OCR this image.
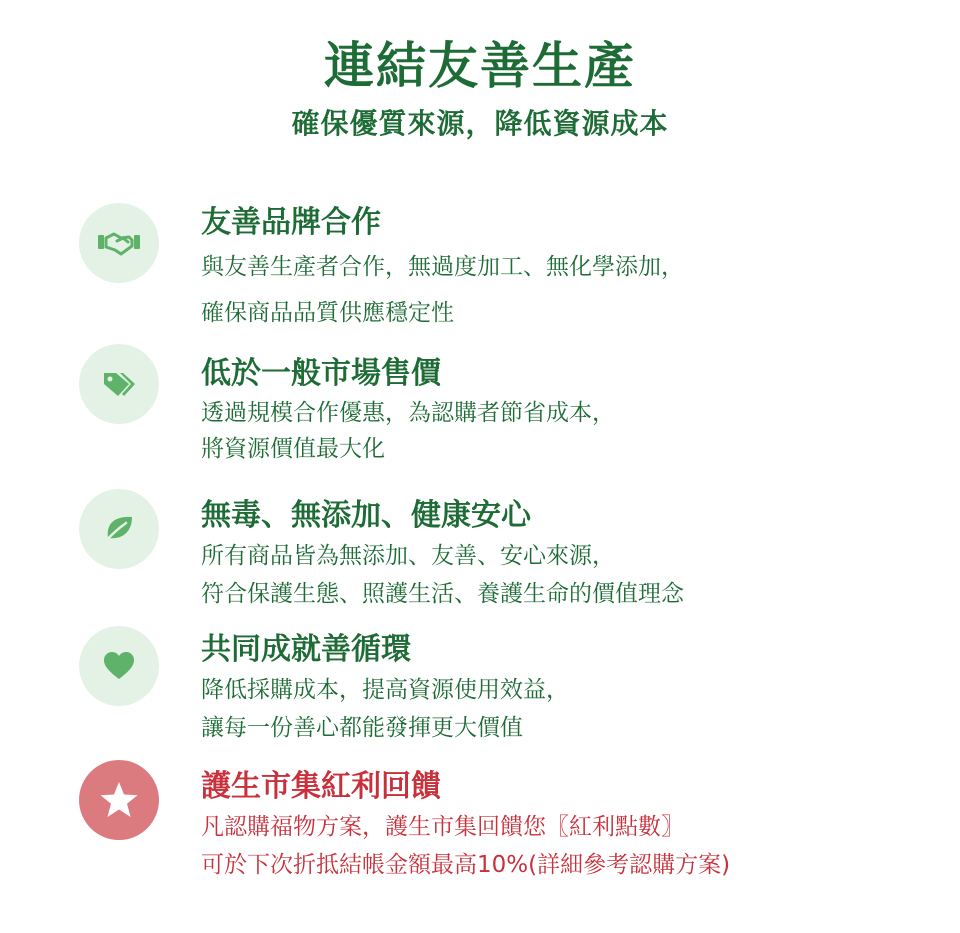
連結友善生產
確保優質來源，降低資源成本
友善品牌合作
與友善生產者合作，無過度加工、無化學添加，
確保商品品質供應穩定性
低於一般市場售價
透過規模合作優惠，為認購者節省成本，
將資源價值最大化
無毒、無添加、健康安心
所有商品皆為無添加、友善、安心來源，
符合保護生態、照護生活、養護生命的價值理念
共同成就善循環
降低採購成本，提高資源使用效益，
讓每一份善心都能發揮更大價值
護生市集紅利回饋
凡認購福物方案，護生市集回饋您〖紅利點數〗
可於下次折抵結帳金額最高10%(詳細參考認購方案)
